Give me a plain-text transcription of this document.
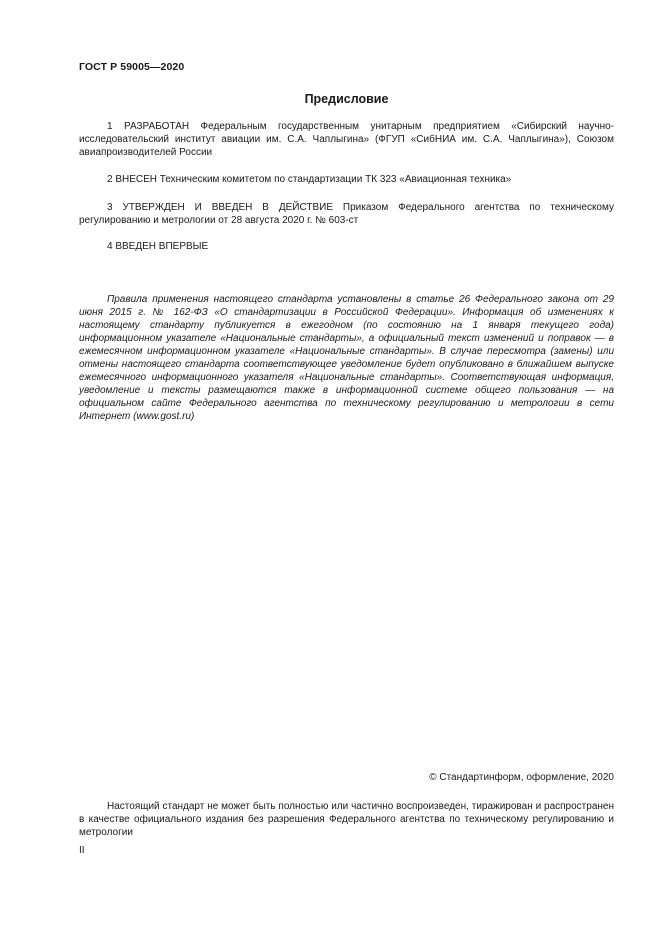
ГОСТ Р 59005—2020
Предисловие

1 РАЗРАБОТАН Федеральным государственным унитарным предприятием «Сибирский научно-исследовательский институт авиации им. С.А. Чаплыгина» (ФГУП «СибНИА им. С.А. Чаплыгина»), Союзом авиапроизводителей России

2 ВНЕСЕН Техническим комитетом по стандартизации ТК 323 «Авиационная техника»

3 УТВЕРЖДЕН И ВВЕДЕН В ДЕЙСТВИЕ Приказом Федерального агентства по техническому регулированию и метрологии от 28 августа 2020 г. № 603-ст

4 ВВЕДЕН ВПЕРВЫЕ

Правила применения настоящего стандарта установлены в статье 26 Федерального закона от 29 июня 2015 г. № 162-ФЗ «О стандартизации в Российской Федерации». Информация об изменениях к настоящему стандарту публикуется в ежегодном (по состоянию на 1 января текущего года) информационном указателе «Национальные стандарты», а официальный текст изменений и поправок — в ежемесячном информационном указателе «Национальные стандарты». В случае пересмотра (замены) или отмены настоящего стандарта соответствующее уведомление будет опубликовано в ближайшем выпуске ежемесячного информационного указателя «Национальные стандарты». Соответствующая информация, уведомление и тексты размещаются также в информационной системе общего пользования — на официальном сайте Федерального агентства по техническому регулированию и метрологии в сети Интернет (www.gost.ru)

© Стандартинформ, оформление, 2020

Настоящий стандарт не может быть полностью или частично воспроизведен, тиражирован и распространен в качестве официального издания без разрешения Федерального агентства по техническому регулированию и метрологии

II
